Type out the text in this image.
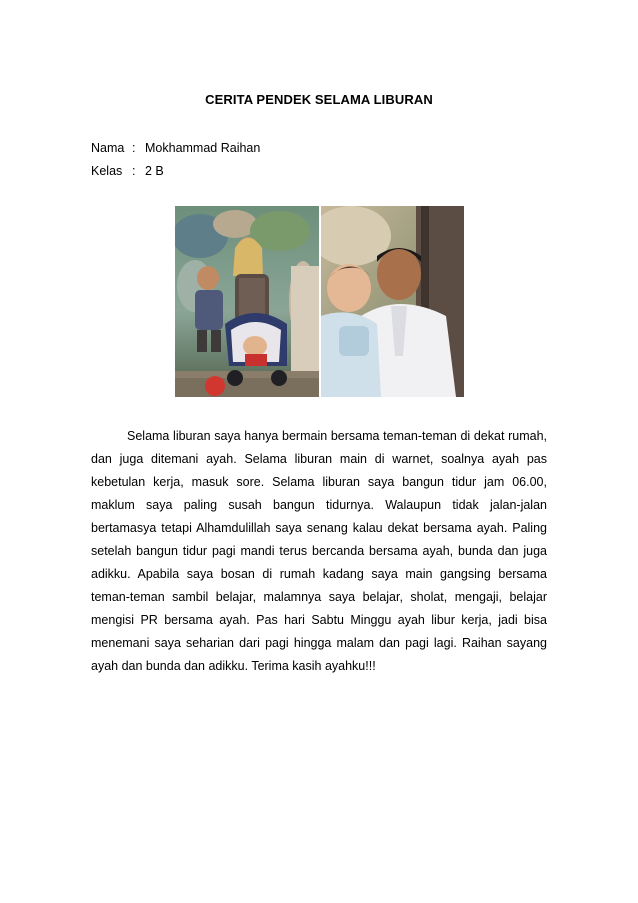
CERITA PENDEK SELAMA LIBURAN
Nama : Mokhammad Raihan
Kelas : 2 B

Selama liburan saya hanya bermain bersama teman-teman di dekat rumah, dan juga ditemani ayah. Selama liburan main di warnet, soalnya ayah pas kebetulan kerja, masuk sore. Selama liburan saya bangun tidur jam 06.00, maklum saya paling susah bangun tidurnya. Walaupun tidak jalan-jalan bertamasya tetapi Alhamdulillah saya senang kalau dekat bersama ayah. Paling setelah bangun tidur pagi mandi terus bercanda bersama ayah, bunda dan juga adikku. Apabila saya bosan di rumah kadang saya main gangsing bersama teman-teman sambil belajar, malamnya saya belajar, sholat, mengaji, belajar mengisi PR bersama ayah. Pas hari Sabtu Minggu ayah libur kerja, jadi bisa menemani saya seharian dari pagi hingga malam dan pagi lagi. Raihan sayang ayah dan bunda dan adikku. Terima kasih ayahku!!!
